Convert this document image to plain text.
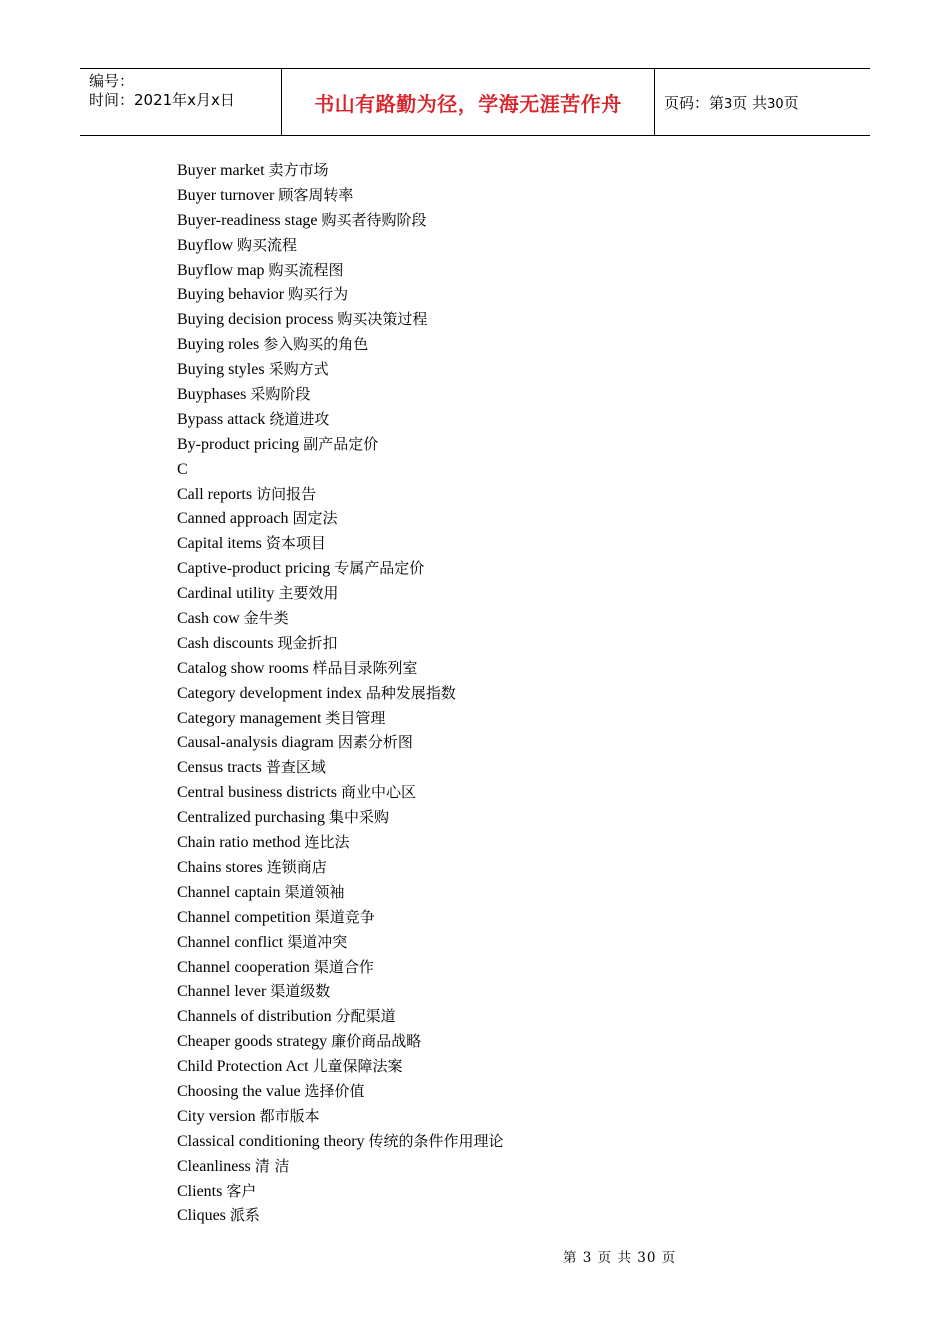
编号：
时间：2021年x月x日	书山有路勤为径，学海无涯苦作舟	页码：第3页 共30页
Buyer market 卖方市场
Buyer turnover 顾客周转率
Buyer-readiness stage 购买者待购阶段
Buyflow 购买流程
Buyflow map 购买流程图
Buying behavior 购买行为
Buying decision process 购买决策过程
Buying roles 参入购买的角色
Buying styles 采购方式
Buyphases 采购阶段
Bypass attack 绕道进攻
By-product pricing 副产品定价
C
Call reports 访问报告
Canned approach 固定法
Capital items 资本项目
Captive-product pricing 专属产品定价
Cardinal utility 主要效用
Cash cow 金牛类
Cash discounts 现金折扣
Catalog show rooms 样品目录陈列室
Category development index 品种发展指数
Category management 类目管理
Causal-analysis diagram 因素分析图
Census tracts 普查区域
Central business districts 商业中心区
Centralized purchasing 集中采购
Chain ratio method 连比法
Chains stores 连锁商店
Channel captain 渠道领袖
Channel competition 渠道竞争
Channel conflict 渠道冲突
Channel cooperation 渠道合作
Channel lever 渠道级数
Channels of distribution 分配渠道
Cheaper goods strategy 廉价商品战略
Child Protection Act 儿童保障法案
Choosing the value 选择价值
City version 都市版本
Classical conditioning theory 传统的条件作用理论
Cleanliness 清 洁
Clients 客户
Cliques 派系
第 3 页 共 30 页
